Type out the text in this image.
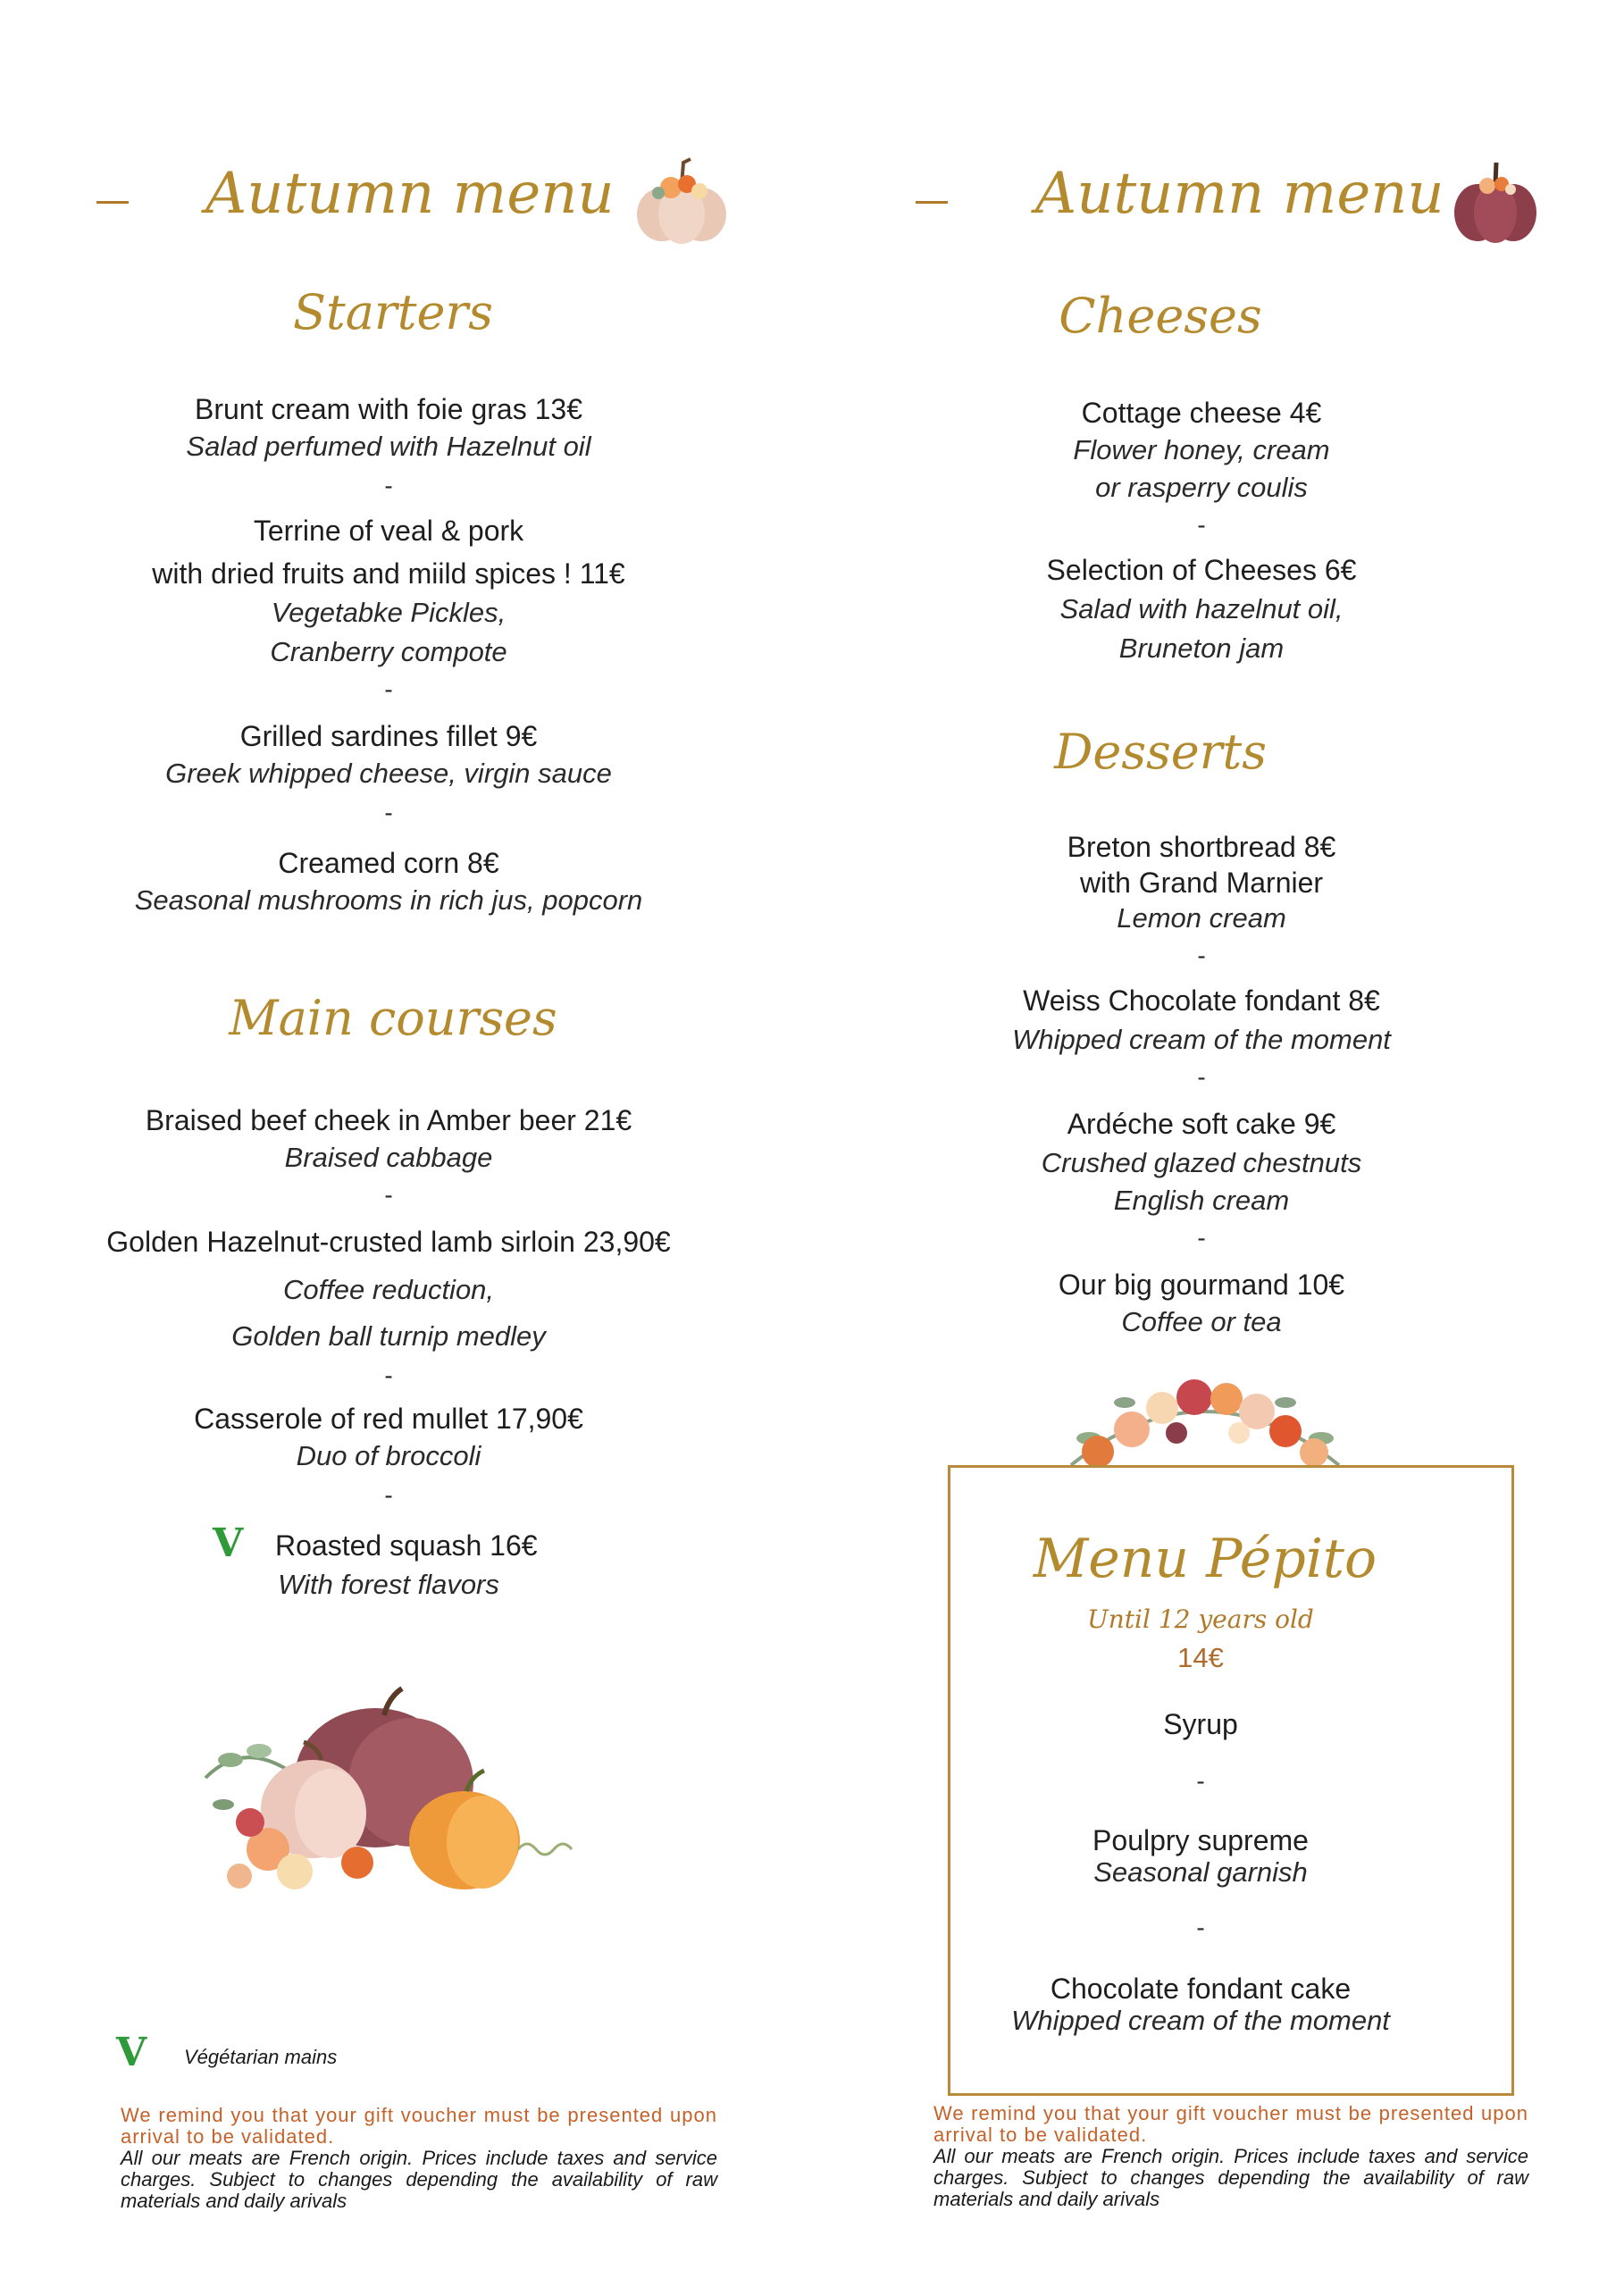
Autumn menu
Starters
Brunt cream with foie gras 13€
Salad perfumed with Hazelnut oil
-
Terrine of veal & pork
with dried fruits and miild spices ! 11€
Vegetabke Pickles,
Cranberry compote
-
Grilled sardines fillet 9€
Greek whipped cheese, virgin sauce
-
Creamed corn 8€
Seasonal mushrooms in rich jus, popcorn
Main courses
Braised beef cheek in Amber beer 21€
Braised cabbage
-
Golden Hazelnut-crusted lamb sirloin 23,90€
Coffee reduction,
Golden ball turnip medley
-
Casserole of red mullet 17,90€
Duo of broccoli
-
V Roasted squash 16€
With forest flavors
V Végétarian mains
We remind you that your gift voucher must be presented upon arrival to be validated.
All our meats are French origin. Prices include taxes and service charges. Subject to changes depending the availability of raw materials and daily arivals
Autumn menu
Cheeses
Cottage cheese 4€
Flower honey, cream
or rasperry coulis
-
Selection of Cheeses 6€
Salad with hazelnut oil,
Bruneton jam
Desserts
Breton shortbread 8€
with Grand Marnier
Lemon cream
-
Weiss Chocolate fondant 8€
Whipped cream of the moment
-
Ardéche soft cake 9€
Crushed glazed chestnuts
English cream
-
Our big gourmand 10€
Coffee or tea
Menu Pépito
Until 12 years old
14€
Syrup
-
Poulpry supreme
Seasonal garnish
-
Chocolate fondant cake
Whipped cream of the moment
We remind you that your gift voucher must be presented upon arrival to be validated.
All our meats are French origin. Prices include taxes and service charges. Subject to changes depending the availability of raw materials and daily arivals
